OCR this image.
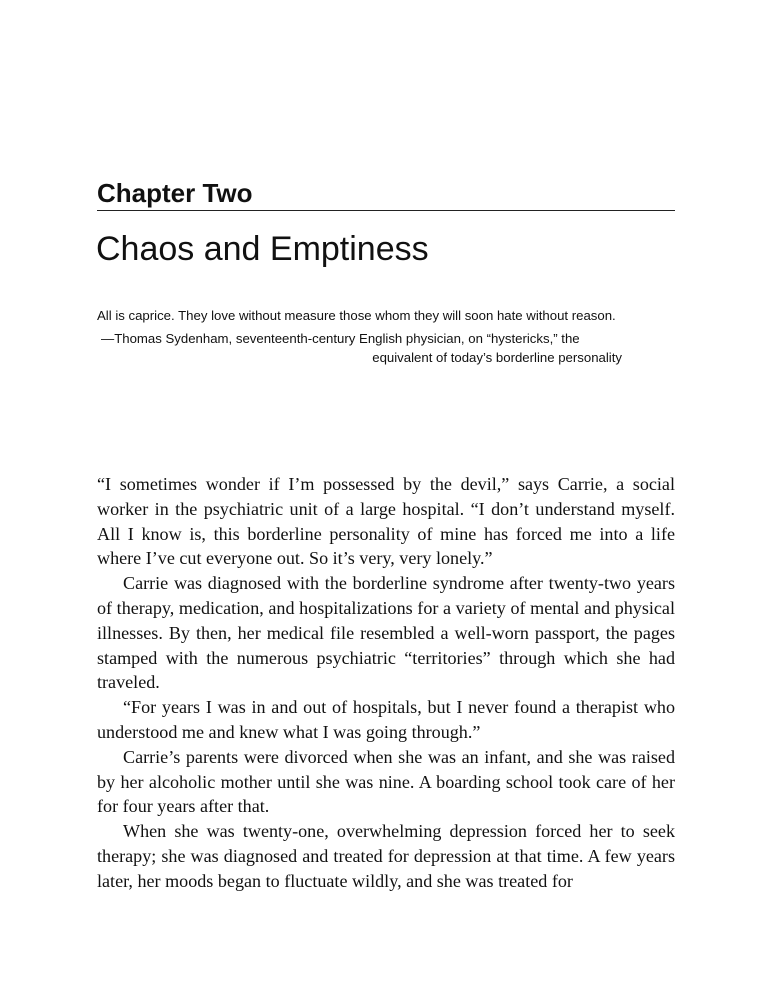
Chapter Two
Chaos and Emptiness

All is caprice. They love without measure those whom they will soon hate without reason.

—Thomas Sydenham, seventeenth-century English physician, on “hystericks,” the
equivalent of today’s borderline personality

“I sometimes wonder if I’m possessed by the devil,” says Carrie, a social worker in the psychiatric unit of a large hospital. “I don’t understand myself. All I know is, this borderline personality of mine has forced me into a life where I’ve cut everyone out. So it’s very, very lonely.”

Carrie was diagnosed with the borderline syndrome after twenty-two years of therapy, medication, and hospitalizations for a variety of mental and physical illnesses. By then, her medical file resembled a well-worn passport, the pages stamped with the numerous psychiatric “territories” through which she had traveled.

“For years I was in and out of hospitals, but I never found a therapist who understood me and knew what I was going through.”

Carrie’s parents were divorced when she was an infant, and she was raised by her alcoholic mother until she was nine. A boarding school took care of her for four years after that.

When she was twenty-one, overwhelming depression forced her to seek therapy; she was diagnosed and treated for depression at that time. A few years later, her moods began to fluctuate wildly, and she was treated for
